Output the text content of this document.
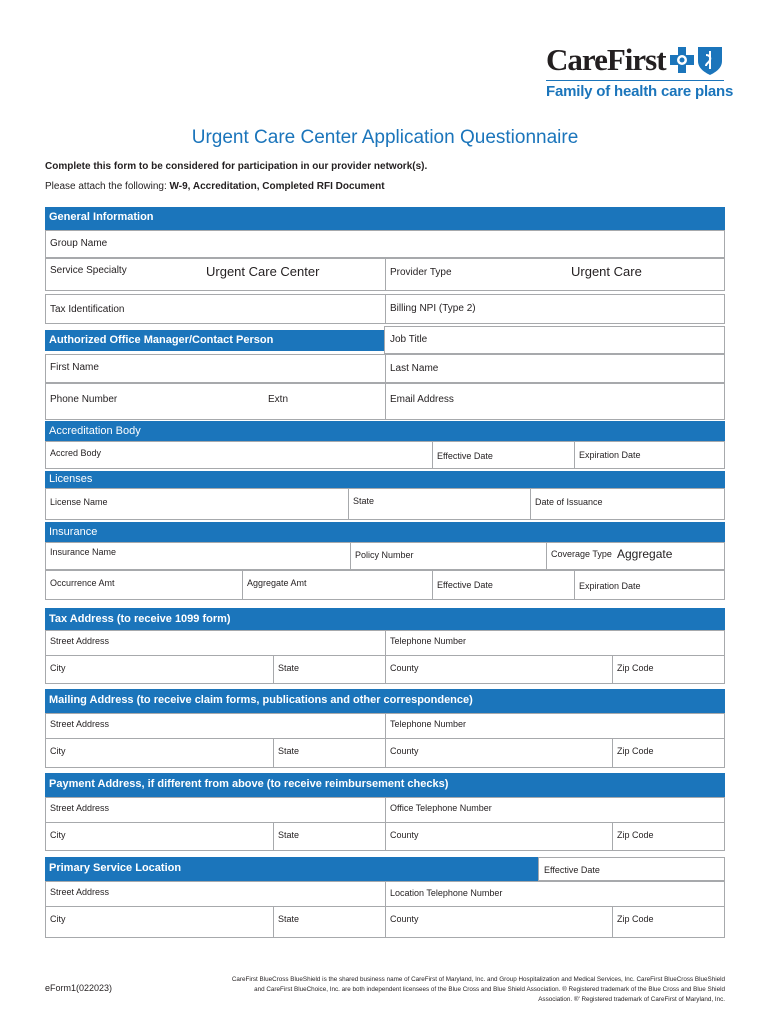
CareFirst
Family of health care plans
Urgent Care Center Application Questionnaire
Complete this form to be considered for participation in our provider network(s).
Please attach the following: W-9, Accreditation, Completed RFI Document
General Information
Group Name
Service Specialty	Urgent Care Center	Provider Type	Urgent Care
Tax Identification	Billing NPI (Type 2)
Authorized Office Manager/Contact Person	Job Title
First Name	Last Name
Phone Number	Extn	Email Address
Accreditation Body
Accred Body	Effective Date	Expiration Date
Licenses
License Name	State	Date of Issuance
Insurance
Insurance Name	Policy Number	Coverage Type Aggregate
Occurrence Amt	Aggregate Amt	Effective Date	Expiration Date
Tax Address (to receive 1099 form)
Street Address	Telephone Number
City	State	County	Zip Code
Mailing Address (to receive claim forms, publications and other correspondence)
Street Address	Telephone Number
City	State	County	Zip Code
Payment Address, if different from above (to receive reimbursement checks)
Street Address	Office Telephone Number
City	State	County	Zip Code
Primary Service Location	Effective Date
Street Address	Location Telephone Number
City	State	County	Zip Code
eForm1(022023)
CareFirst BlueCross BlueShield is the shared business name of CareFirst of Maryland, Inc. and Group Hospitalization and Medical Services, Inc. CareFirst BlueCross BlueShield
and CareFirst BlueChoice, Inc. are both independent licensees of the Blue Cross and Blue Shield Association. ® Registered trademark of the Blue Cross and Blue Shield
Association. ®' Registered trademark of CareFirst of Maryland, Inc.
